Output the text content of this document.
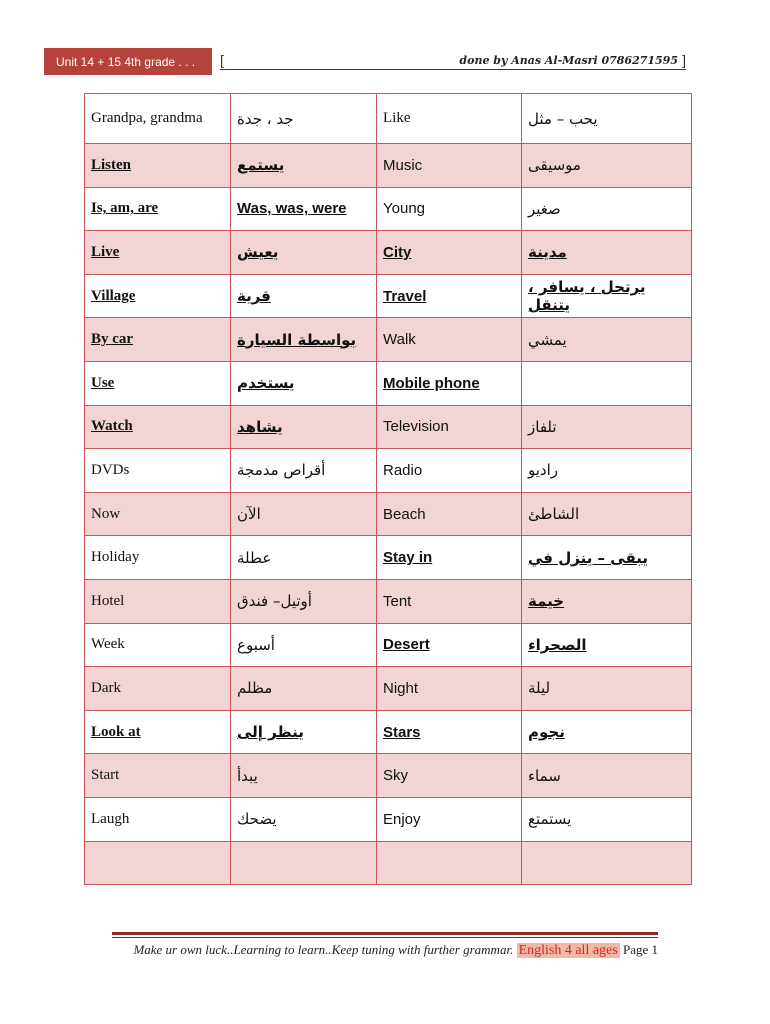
Unit 14 + 15 4th grade . . .	[	done by Anas Al-Masri 0786271595 ]
Grandpa, grandma	جد ، جدة	Like	يحب – مثل
Listen	يستمع	Music	موسيقى
Is, am, are	Was, was, were	Young	صغير
Live	يعيش	City	مدينة
Village	قرية	Travel	يرتحل ، يسافر ، يتنقل
By car	بواسطة السيارة	Walk	يمشي
Use	يستخدم	Mobile phone	
Watch	يشاهد	Television	تلفاز
DVDs	أقراص مدمجة	Radio	راديو
Now	الآن	Beach	الشاطئ
Holiday	عطلة	Stay in	يبقى – ينزل في
Hotel	أوتيل– فندق	Tent	خيمة
Week	أسبوع	Desert	الصحراء
Dark	مظلم	Night	ليلة
Look at	ينظر إلى	Stars	نجوم
Start	يبدأ	Sky	سماء
Laugh	يضحك	Enjoy	يستمتع

Make ur own luck..Learning to learn..Keep tuning with further grammar. English 4 all ages Page 1
